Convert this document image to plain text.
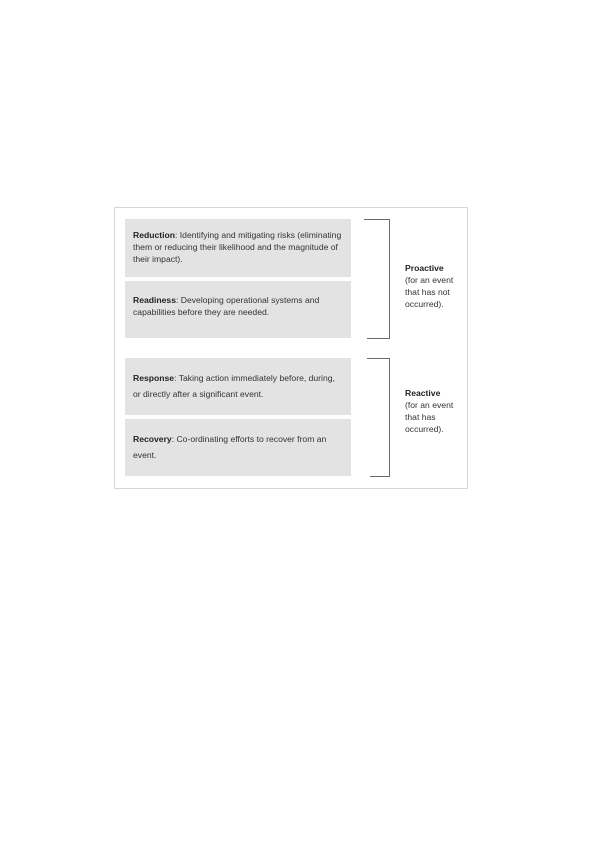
Reduction: Identifying and mitigating risks (eliminating them or reducing their likelihood and the magnitude of their impact).
Readiness: Developing operational systems and capabilities before they are needed.
Response: Taking action immediately before, during, or directly after a significant event.
Recovery: Co-ordinating efforts to recover from an event.
Proactive
(for an event that has not occurred).
Reactive
(for an event that has occurred).
